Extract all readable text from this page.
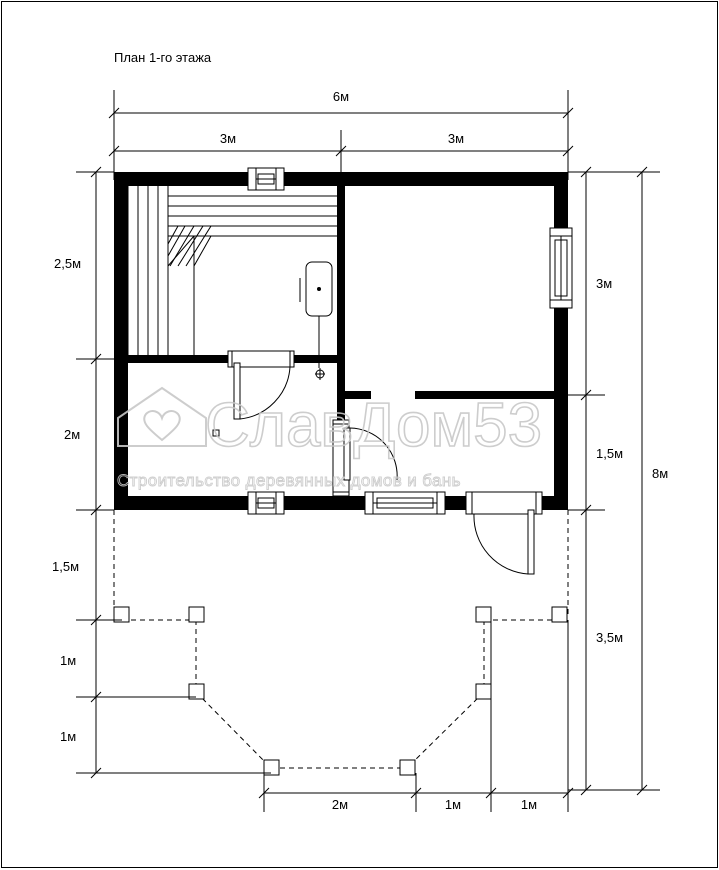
План 1-го этажа
6м
3м	3м
2,5м
2м
1,5м
1м
1м
3м
1,5м
3,5м
8м
2м	1м	1м
СлавДом53
Строительство деревянных домов и бань
